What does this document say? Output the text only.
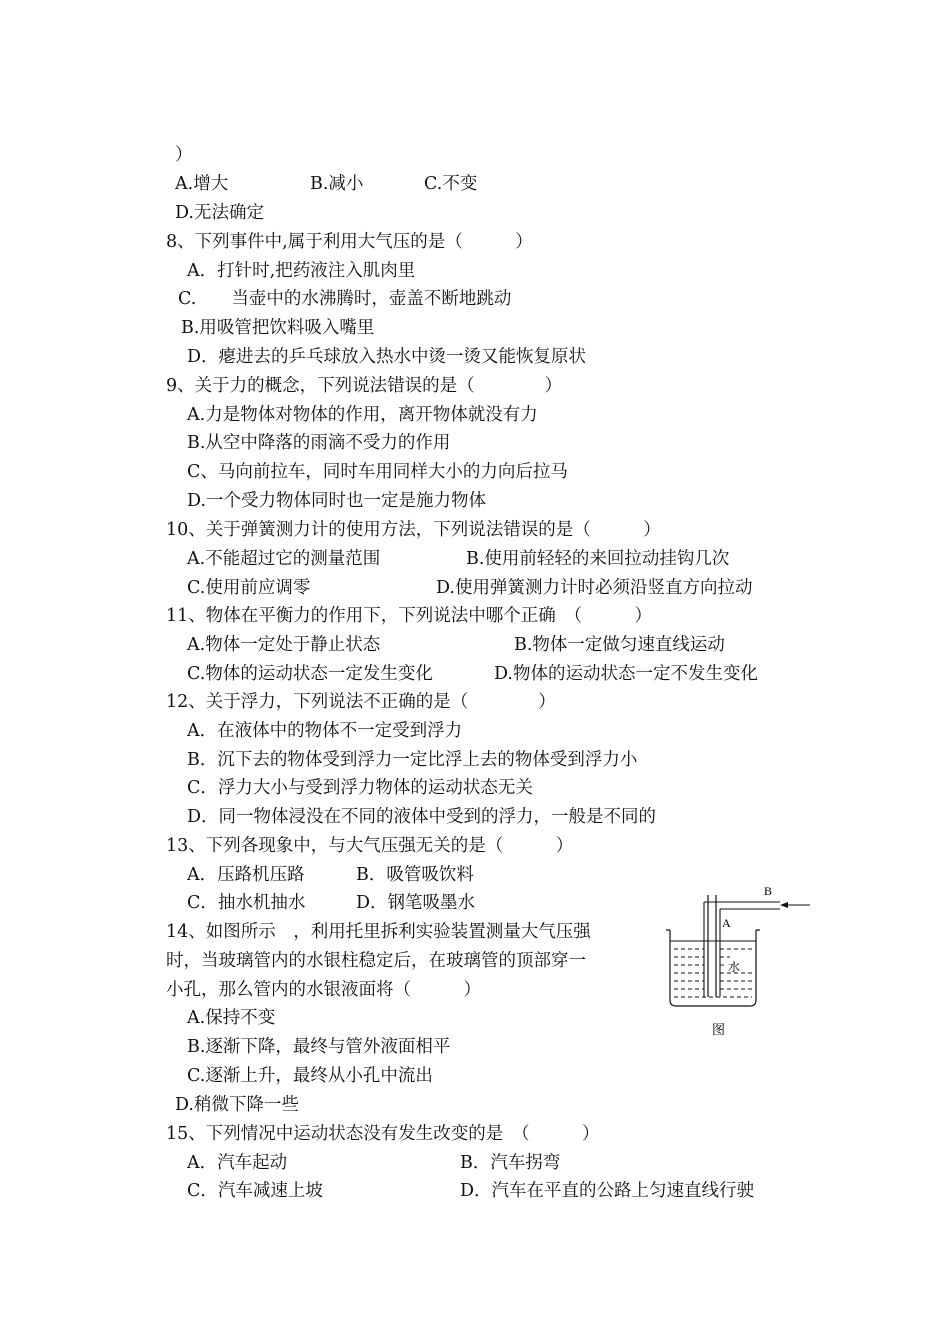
）
A.增大	B.减小	C.不变
D.无法确定
8、下列事件中,属于利用大气压的是（　　　）
A．打针时,把药液注入肌肉里
C.　　当壶中的水沸腾时，壶盖不断地跳动
B.用吸管把饮料吸入嘴里
D．瘪进去的乒乓球放入热水中烫一烫又能恢复原状
9、关于力的概念，下列说法错误的是（　　　　）
A.力是物体对物体的作用，离开物体就没有力
B.从空中降落的雨滴不受力的作用
C、马向前拉车，同时车用同样大小的力向后拉马
D.一个受力物体同时也一定是施力物体
10、关于弹簧测力计的使用方法，下列说法错误的是（　　　）
A.不能超过它的测量范围	B.使用前轻轻的来回拉动挂钩几次
C.使用前应调零	D.使用弹簧测力计时必须沿竖直方向拉动
11、物体在平衡力的作用下，下列说法中哪个正确　（　　　）
A.物体一定处于静止状态	B.物体一定做匀速直线运动
C.物体的运动状态一定发生变化	D.物体的运动状态一定不发生变化
12、关于浮力，下列说法不正确的是（　　　　）
A．在液体中的物体不一定受到浮力
B．沉下去的物体受到浮力一定比浮上去的物体受到浮力小
C．浮力大小与受到浮力物体的运动状态无关
D．同一物体浸没在不同的液体中受到的浮力，一般是不同的
13、下列各现象中，与大气压强无关的是（　　　）
A．压路机压路	B．吸管吸饮料
C．抽水机抽水	D．钢笔吸墨水
14、如图所示　，利用托里拆利实验装置测量大气压强
时，当玻璃管内的水银柱稳定后，在玻璃管的顶部穿一
小孔，那么管内的水银液面将（　　　）
A.保持不变
B.逐渐下降，最终与管外液面相平
C.逐渐上升，最终从小孔中流出
D.稍微下降一些
B
A
水
图
15、下列情况中运动状态没有发生改变的是　（　　　）
A．汽车起动	B．汽车拐弯
C．汽车减速上坡	D．汽车在平直的公路上匀速直线行驶
